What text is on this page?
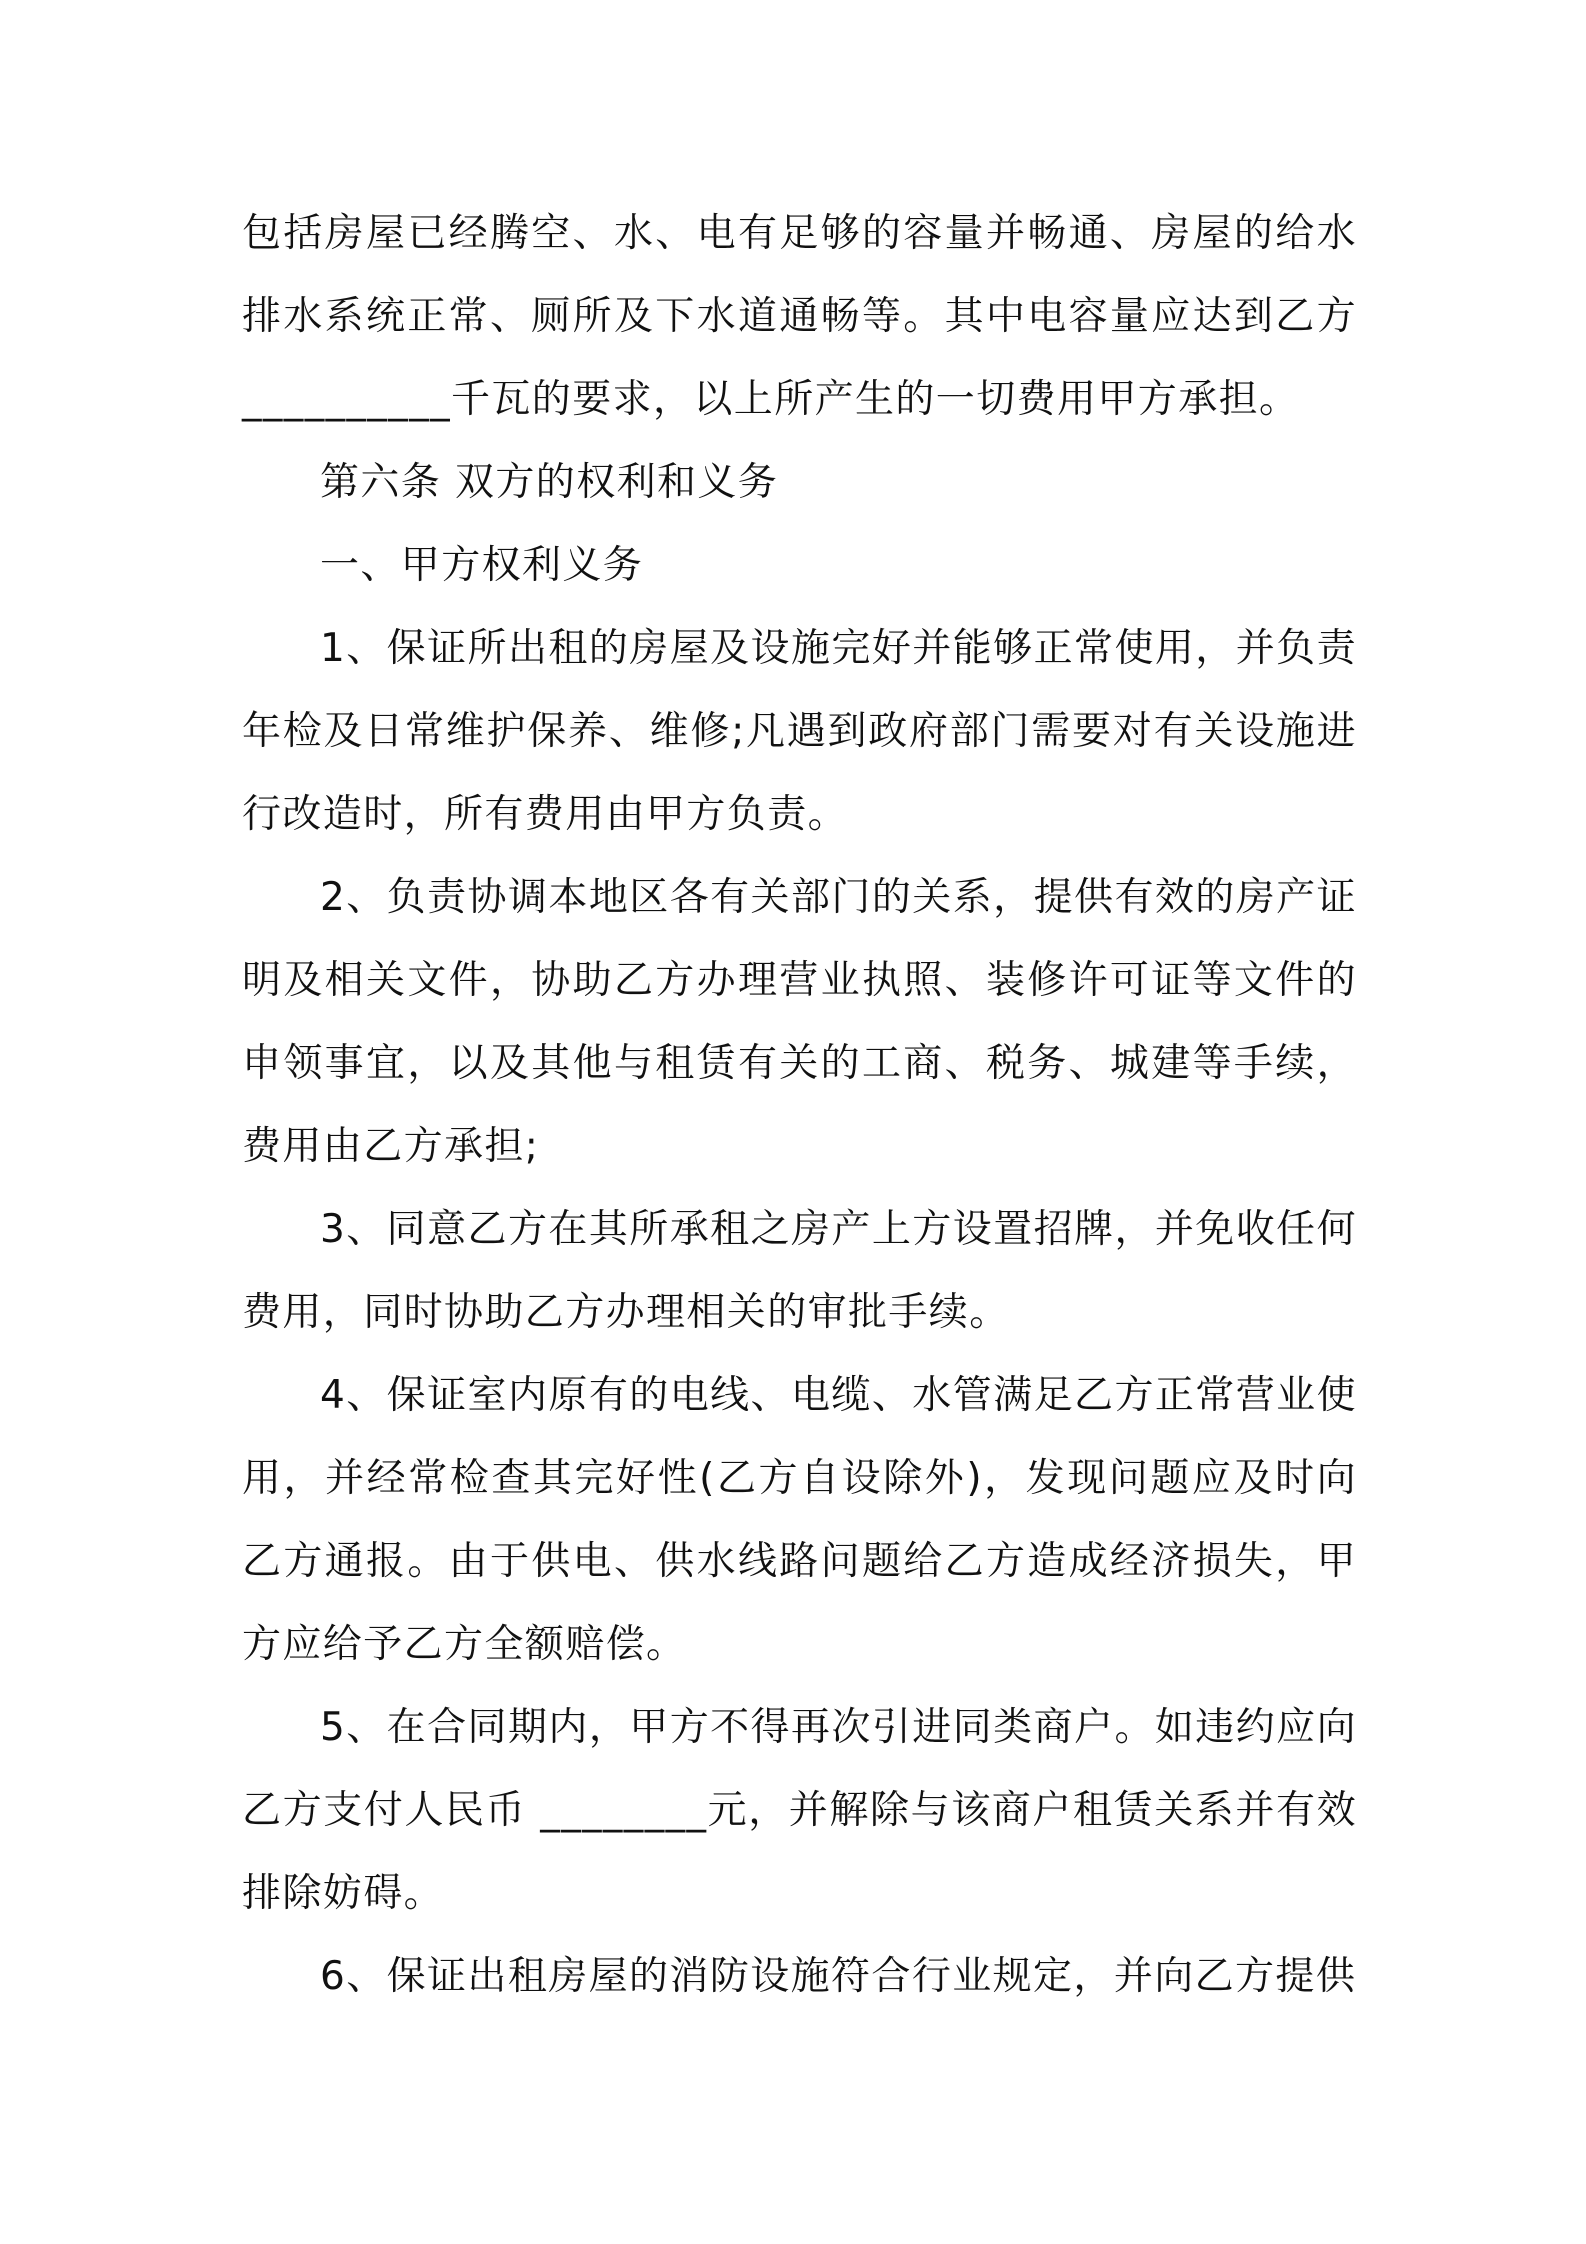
包括房屋已经腾空、水、电有足够的容量并畅通、房屋的给水排水系统正常、厕所及下水道通畅等。其中电容量应达到乙方__________千瓦的要求，以上所产生的一切费用甲方承担。

第六条 双方的权利和义务

一、甲方权利义务

1、保证所出租的房屋及设施完好并能够正常使用，并负责年检及日常维护保养、维修;凡遇到政府部门需要对有关设施进行改造时，所有费用由甲方负责。

2、负责协调本地区各有关部门的关系，提供有效的房产证明及相关文件，协助乙方办理营业执照、装修许可证等文件的申领事宜，以及其他与租赁有关的工商、税务、城建等手续，费用由乙方承担;

3、同意乙方在其所承租之房产上方设置招牌，并免收任何费用，同时协助乙方办理相关的审批手续。

4、保证室内原有的电线、电缆、水管满足乙方正常营业使用，并经常检查其完好性(乙方自设除外)，发现问题应及时向乙方通报。由于供电、供水线路问题给乙方造成经济损失，甲方应给予乙方全额赔偿。

5、在合同期内，甲方不得再次引进同类商户。如违约应向乙方支付人民币 ________元，并解除与该商户租赁关系并有效排除妨碍。

6、保证出租房屋的消防设施符合行业规定，并向乙方提供
